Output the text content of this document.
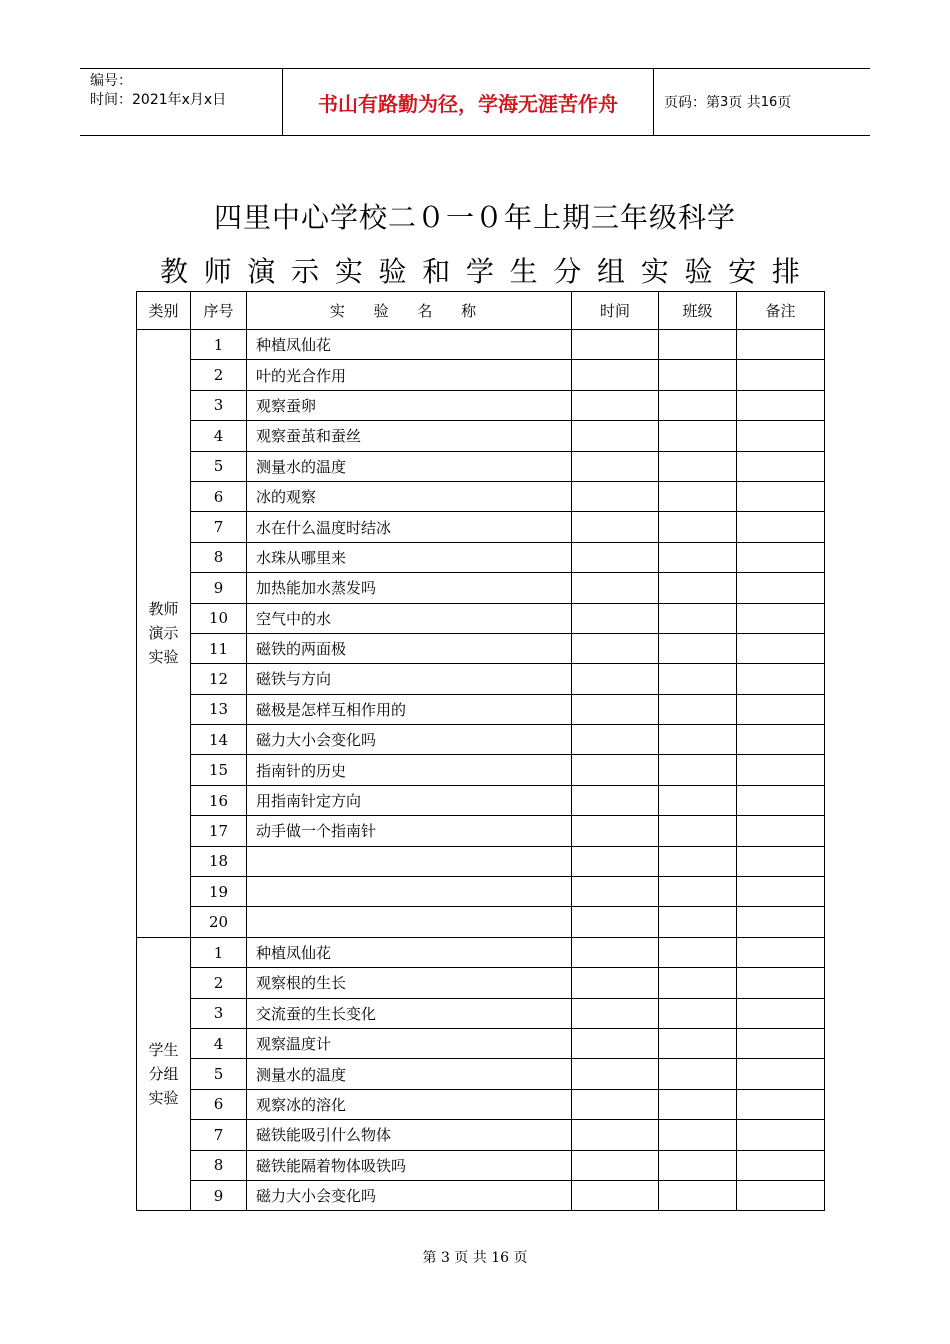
编号：
时间：2021年x月x日	书山有路勤为径，学海无涯苦作舟	页码：第 3 页 共 16 页
四里中心学校二０一０年上期三年级科学
教 师 演 示 实 验 和 学 生 分 组 实 验 安 排
类别	序号	实 验 名 称	时间	班级	备注

教师
演示
实验	1	种植凤仙花			
	2	叶的光合作用			
	3	观察蚕卵			
	4	观察蚕茧和蚕丝			
	5	测量水的温度			
	6	冰的观察			
	7	水在什么温度时结冰			
	8	水珠从哪里来			
	9	加热能加水蒸发吗			
	10	空气中的水			
	11	磁铁的两面极			
	12	磁铁与方向			
	13	磁极是怎样互相作用的			
	14	磁力大小会变化吗			
	15	指南针的历史			
	16	用指南针定方向			
	17	动手做一个指南针			
	18				
	19				
	20				

学生
分组
实验	1	种植凤仙花			
	2	观察根的生长			
	3	交流蚕的生长变化			
	4	观察温度计			
	5	测量水的温度			
	6	观察冰的溶化			
	7	磁铁能吸引什么物体			
	8	磁铁能隔着物体吸铁吗			
	9	磁力大小会变化吗			
第 3 页 共 16 页
